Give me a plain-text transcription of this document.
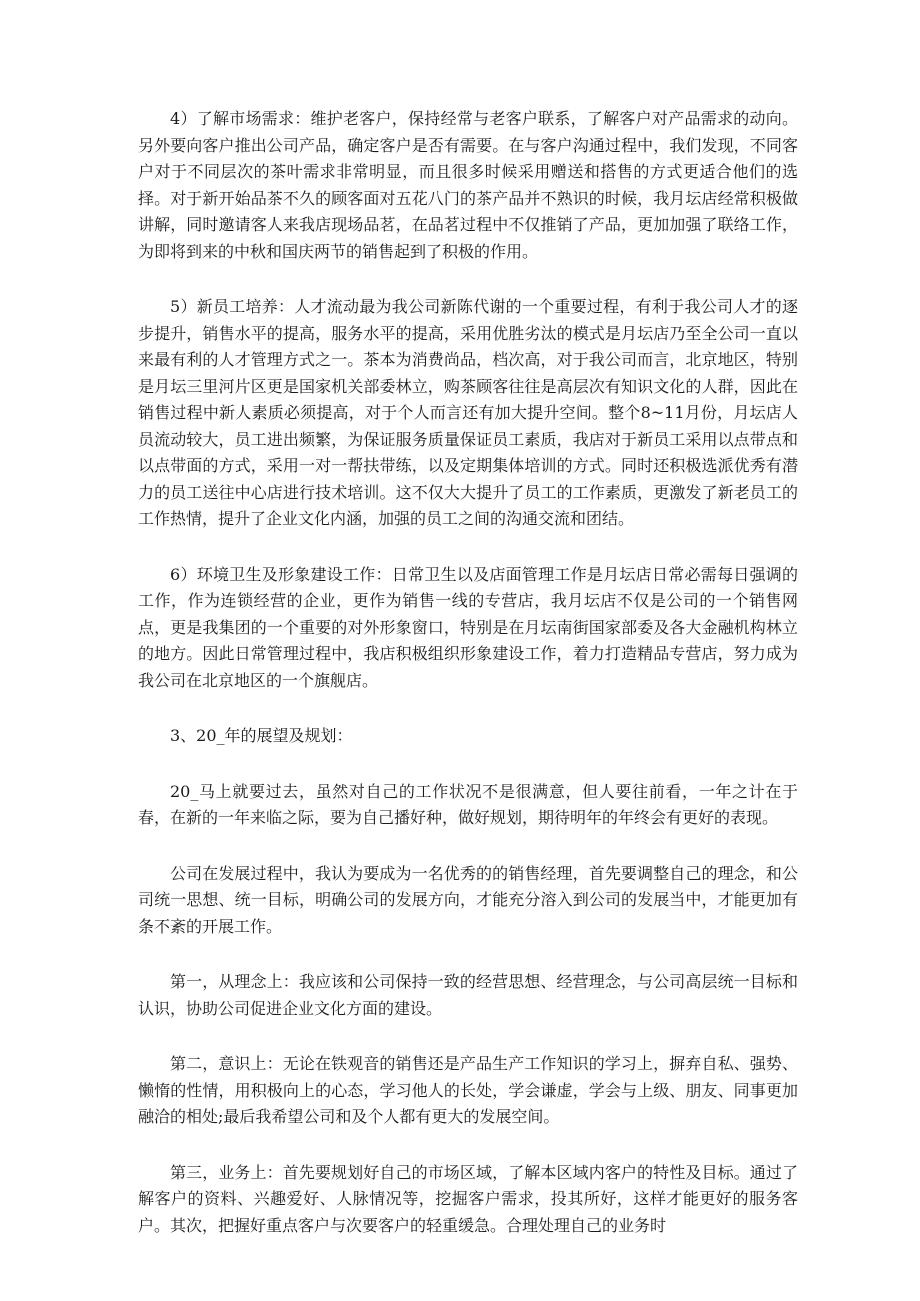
4）了解市场需求：维护老客户，保持经常与老客户联系，了解客户对产品需求的动向。另外要向客户推出公司产品，确定客户是否有需要。在与客户沟通过程中，我们发现，不同客户对于不同层次的茶叶需求非常明显，而且很多时候采用赠送和搭售的方式更适合他们的选择。对于新开始品茶不久的顾客面对五花八门的茶产品并不熟识的时候，我月坛店经常积极做讲解，同时邀请客人来我店现场品茗，在品茗过程中不仅推销了产品，更加加强了联络工作，为即将到来的中秋和国庆两节的销售起到了积极的作用。

5）新员工培养：人才流动最为我公司新陈代谢的一个重要过程，有利于我公司人才的逐步提升，销售水平的提高，服务水平的提高，采用优胜劣汰的模式是月坛店乃至全公司一直以来最有利的人才管理方式之一。茶本为消费尚品，档次高，对于我公司而言，北京地区，特别是月坛三里河片区更是国家机关部委林立，购茶顾客往往是高层次有知识文化的人群，因此在销售过程中新人素质必须提高，对于个人而言还有加大提升空间。整个8~11月份，月坛店人员流动较大，员工进出频繁，为保证服务质量保证员工素质，我店对于新员工采用以点带点和以点带面的方式，采用一对一帮扶带练，以及定期集体培训的方式。同时还积极选派优秀有潜力的员工送往中心店进行技术培训。这不仅大大提升了员工的工作素质，更激发了新老员工的工作热情，提升了企业文化内涵，加强的员工之间的沟通交流和团结。

6）环境卫生及形象建设工作：日常卫生以及店面管理工作是月坛店日常必需每日强调的工作，作为连锁经营的企业，更作为销售一线的专营店，我月坛店不仅是公司的一个销售网点，更是我集团的一个重要的对外形象窗口，特别是在月坛南街国家部委及各大金融机构林立的地方。因此日常管理过程中，我店积极组织形象建设工作，着力打造精品专营店，努力成为我公司在北京地区的一个旗舰店。

3、20_年的展望及规划：

20_马上就要过去，虽然对自己的工作状况不是很满意，但人要往前看，一年之计在于春，在新的一年来临之际，要为自己播好种，做好规划，期待明年的年终会有更好的表现。

公司在发展过程中，我认为要成为一名优秀的的销售经理，首先要调整自己的理念，和公司统一思想、统一目标，明确公司的发展方向，才能充分溶入到公司的发展当中，才能更加有条不紊的开展工作。

第一，从理念上：我应该和公司保持一致的经营思想、经营理念，与公司高层统一目标和认识，协助公司促进企业文化方面的建设。

第二，意识上：无论在铁观音的销售还是产品生产工作知识的学习上，摒弃自私、强势、懒惰的性情，用积极向上的心态，学习他人的长处，学会谦虚，学会与上级、朋友、同事更加融洽的相处;最后我希望公司和及个人都有更大的发展空间。

第三，业务上：首先要规划好自己的市场区域，了解本区域内客户的特性及目标。通过了解客户的资料、兴趣爱好、人脉情况等，挖掘客户需求，投其所好，这样才能更好的服务客户。其次，把握好重点客户与次要客户的轻重缓急。合理处理自己的业务时
